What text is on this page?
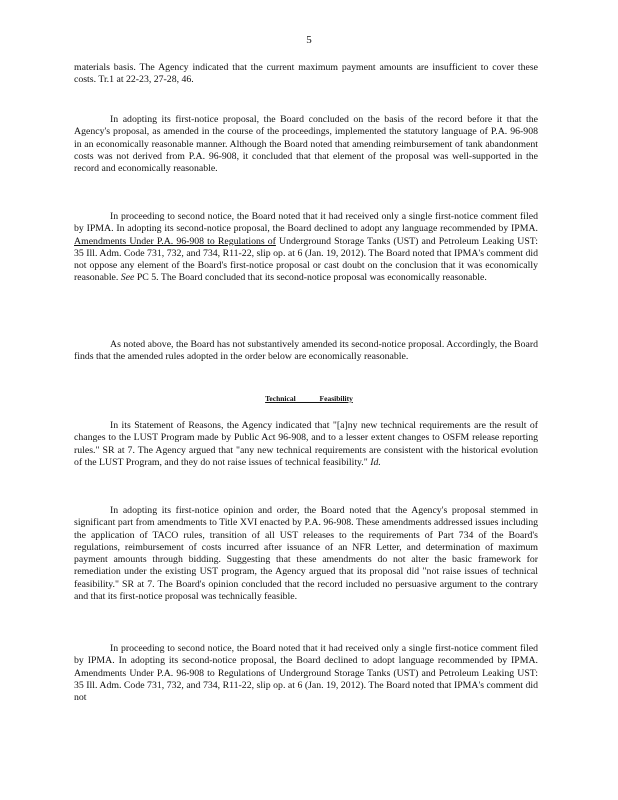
5

materials basis. The Agency indicated that the current maximum payment amounts are insufficient to cover these costs. Tr.1 at 22-23, 27-28, 46.

In adopting its first-notice proposal, the Board concluded on the basis of the record before it that the Agency's proposal, as amended in the course of the proceedings, implemented the statutory language of P.A. 96-908 in an economically reasonable manner. Although the Board noted that amending reimbursement of tank abandonment costs was not derived from P.A. 96-908, it concluded that that element of the proposal was well-supported in the record and economically reasonable.

In proceeding to second notice, the Board noted that it had received only a single first-notice comment filed by IPMA. In adopting its second-notice proposal, the Board declined to adopt any language recommended by IPMA. Amendments Under P.A. 96-908 to Regulations of Underground Storage Tanks (UST) and Petroleum Leaking UST: 35 Ill. Adm. Code 731, 732, and 734, R11-22, slip op. at 6 (Jan. 19, 2012). The Board noted that IPMA's comment did not oppose any element of the Board's first-notice proposal or cast doubt on the conclusion that it was economically reasonable. See PC 5. The Board concluded that its second-notice proposal was economically reasonable.

As noted above, the Board has not substantively amended its second-notice proposal. Accordingly, the Board finds that the amended rules adopted in the order below are economically reasonable.

Technical Feasibility

In its Statement of Reasons, the Agency indicated that "[a]ny new technical requirements are the result of changes to the LUST Program made by Public Act 96-908, and to a lesser extent changes to OSFM release reporting rules." SR at 7. The Agency argued that "any new technical requirements are consistent with the historical evolution of the LUST Program, and they do not raise issues of technical feasibility." Id.

In adopting its first-notice opinion and order, the Board noted that the Agency's proposal stemmed in significant part from amendments to Title XVI enacted by P.A. 96-908. These amendments addressed issues including the application of TACO rules, transition of all UST releases to the requirements of Part 734 of the Board's regulations, reimbursement of costs incurred after issuance of an NFR Letter, and determination of maximum payment amounts through bidding. Suggesting that these amendments do not alter the basic framework for remediation under the existing UST program, the Agency argued that its proposal did "not raise issues of technical feasibility." SR at 7. The Board's opinion concluded that the record included no persuasive argument to the contrary and that its first-notice proposal was technically feasible.

In proceeding to second notice, the Board noted that it had received only a single first-notice comment filed by IPMA. In adopting its second-notice proposal, the Board declined to adopt language recommended by IPMA. Amendments Under P.A. 96-908 to Regulations of Underground Storage Tanks (UST) and Petroleum Leaking UST: 35 Ill. Adm. Code 731, 732, and 734, R11-22, slip op. at 6 (Jan. 19, 2012). The Board noted that IPMA's comment did not
